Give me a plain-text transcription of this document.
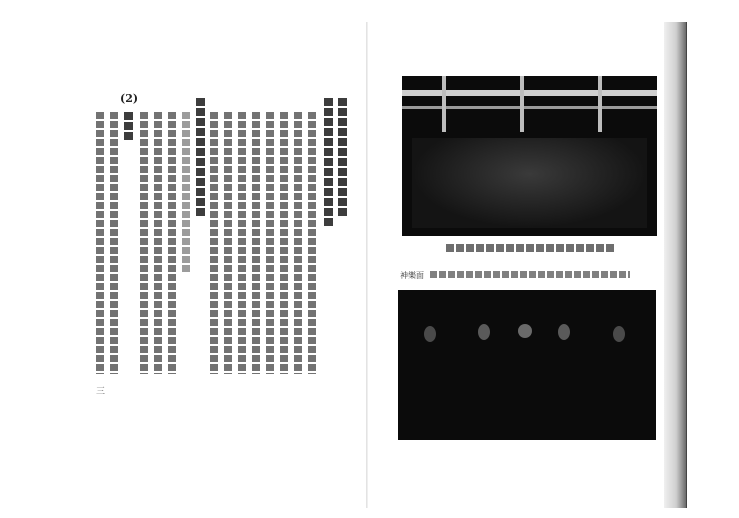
(2)
三
神樂面
